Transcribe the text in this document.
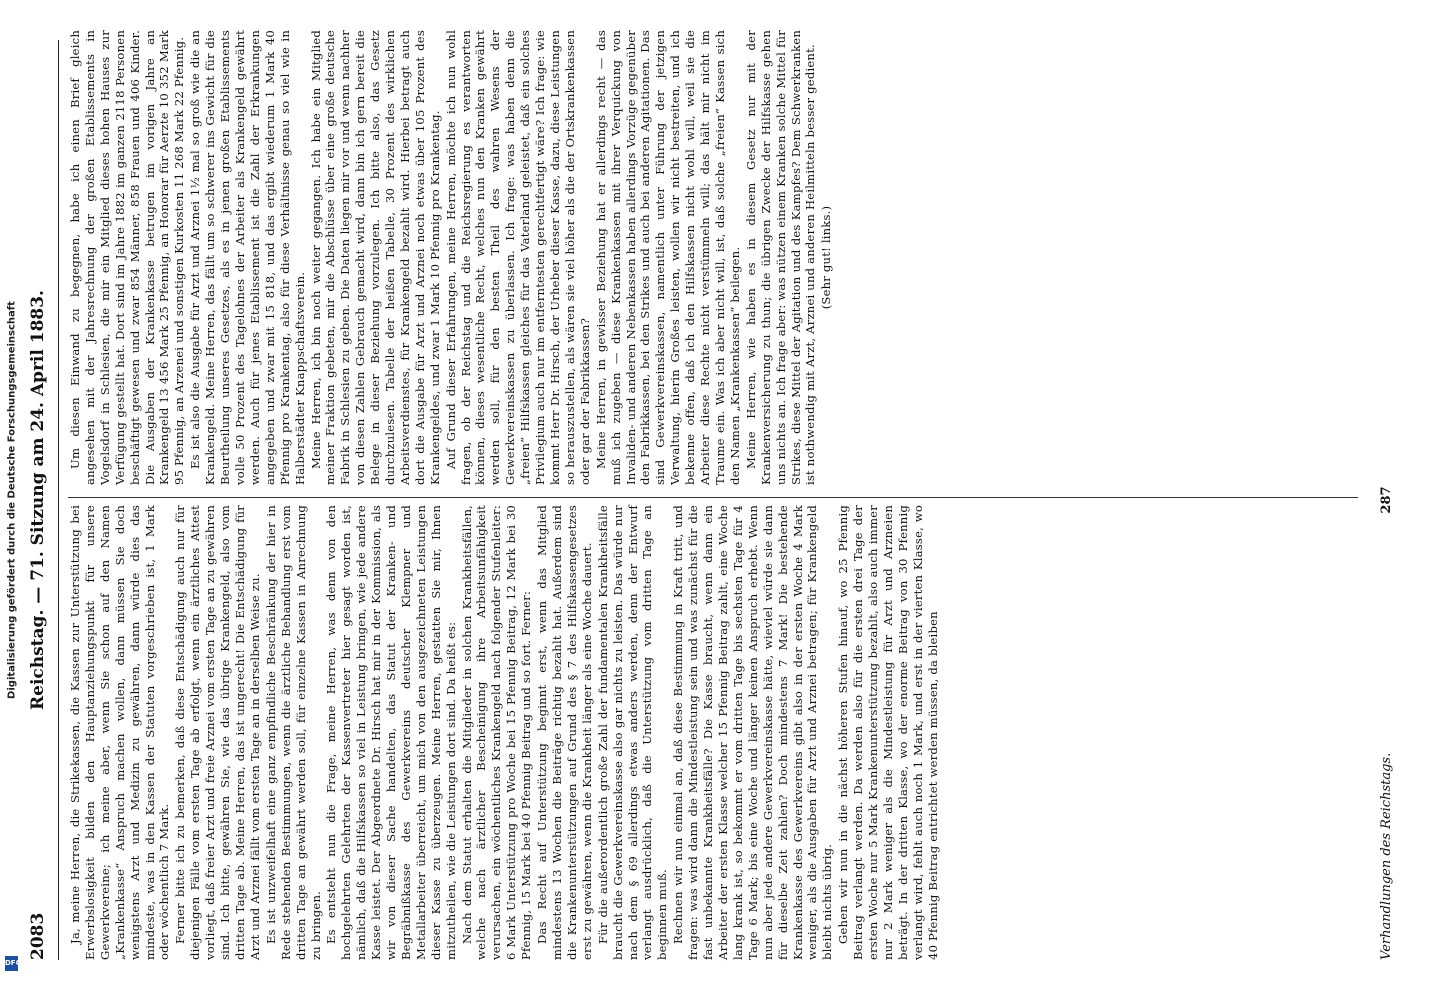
2083
Reichstag. — 71. Sitzung am 24. April 1883.

Ja, meine Herren, die Strikekassen, die Kassen zur Unterstützung bei Erwerbslosigkeit bilden den Hauptanziehungspunkt für unsere Gewerkvereine; ich meine aber, wenn Sie schon auf den Namen „Krankenkasse“ Anspruch machen wollen, dann müssen Sie doch wenigstens Arzt und Medizin zu gewähren, dann würde dies das mindeste, was in den Kassen der Statuten vorgeschrieben ist, 1 Mark oder wöchentlich 7 Mark. Ferner bitte ich zu bemerken, daß diese Entschädigung auch nur für diejenigen Fälle vom ersten Tage ab erfolgt, wenn ein ärztliches Attest vorliegt, daß freier Arzt und freie Arznei vom ersten Tage an zu gewähren sind. Ich bitte, gewähren Sie, wie das übrige Krankengeld, also vom dritten Tage ab. Meine Herren, das ist ungerecht! Die Entschädigung für Arzt und Arznei fällt vom ersten Tage an in derselben Weise zu. Es ist unzweifelhaft eine ganz empfindliche Beschränkung der hier in Rede stehenden Bestimmungen, wenn die ärztliche Behandlung erst vom dritten Tage an gewährt werden soll, für einzelne Kassen in Anrechnung zu bringen. Es entsteht nun die Frage, meine Herren, was denn von den hochgelehrten Gelehrten der Kassenvertreter hier gesagt worden ist, nämlich, daß die Hilfskassen so viel in Leistung bringen, wie jede andere Kasse leistet. Der Abgeordnete Dr. Hirsch hat mir in der Kommission, als wir von dieser Sache handelten, das Statut der Kranken- und Begräbnißkasse des Gewerkvereins deutscher Klempner und Metallarbeiter überreicht, um mich von den ausgezeichneten Leistungen dieser Kasse zu überzeugen. Meine Herren, gestatten Sie mir, Ihnen mitzutheilen, wie die Leistungen dort sind. Da heißt es: Nach dem Statut erhalten die Mitglieder in solchen Krankheitsfällen, welche nach ärztlicher Bescheinigung ihre Arbeitsunfähigkeit verursachen, ein wöchentliches Krankengeld nach folgender Stufenleiter: 6 Mark Unterstützung pro Woche bei 15 Pfennig Beitrag, 12 Mark bei 30 Pfennig, 15 Mark bei 40 Pfennig Beitrag und so fort. Ferner: Das Recht auf Unterstützung beginnt erst, wenn das Mitglied mindestens 13 Wochen die Beiträge richtig bezahlt hat. Außerdem sind die Krankenunterstützungen auf Grund des § 7 des Hilfskassengesetzes erst zu gewähren, wenn die Krankheit länger als eine Woche dauert. Für die außerordentlich große Zahl der fundamentalen Krankheitsfälle braucht die Gewerkvereinskasse also gar nichts zu leisten. Das würde nur nach dem § 69 allerdings etwas anders werden, denn der Entwurf verlangt ausdrücklich, daß die Unterstützung vom dritten Tage an beginnen muß. Rechnen wir nun einmal an, daß diese Bestimmung in Kraft tritt, und fragen: was wird dann die Mindestleistung sein und was zunächst für die fast unbekannte Krankheitsfälle? Die Kasse braucht, wenn dann ein Arbeiter der ersten Klasse welcher 15 Pfennig Beitrag zahlt, eine Woche lang krank ist, so bekommt er vom dritten Tage bis sechsten Tage für 4 Tage 6 Mark; bis eine Woche und länger keinen Anspruch erhebt. Wenn nun aber jede andere Gewerkvereinskasse hätte, wieviel würde sie dann für dieselbe Zeit zahlen? Doch mindestens 7 Mark! Die bestehende Krankenkasse des Gewerkvereins gibt also in der ersten Woche 4 Mark weniger, als die Ausgaben für Arzt und Arznei betragen; für Krankengeld bleibt nichts übrig. Gehen wir nun in die nächst höheren Stufen hinauf, wo 25 Pfennig Beitrag verlangt werden. Da werden also für die ersten drei Tage der ersten Woche nur 5 Mark Krankenunterstützung bezahlt, also auch immer nur 2 Mark weniger als die Mindestleistung für Arzt und Arzneien beträgt. In der dritten Klasse, wo der enorme Beitrag von 30 Pfennig verlangt wird, fehlt auch noch 1 Mark, und erst in der vierten Klasse, wo 40 Pfennig Beitrag entrichtet werden müssen, da bleiben

Um diesen Einwand zu begegnen, habe ich einen Brief gleich angesehen mit der Jahresrechnung der großen Etablissements in Vogelsdorf in Schlesien, die mir ein Mitglied dieses hohen Hauses zur Verfügung gestellt hat. Dort sind im Jahre 1882 im ganzen 2118 Personen beschäftigt gewesen und zwar 854 Männer, 858 Frauen und 406 Kinder. Die Ausgaben der Krankenkasse betrugen im vorigen Jahre an Krankengeld 13 456 Mark 25 Pfennig, an Honorar für Aerzte 10 352 Mark 95 Pfennig, an Arzenei und sonstigen Kurkosten 11 268 Mark 22 Pfennig. Es ist also die Ausgabe für Arzt und Arznei 1½ mal so groß wie die an Krankengeld. Meine Herren, das fällt um so schwerer ins Gewicht für die Beurtheilung unseres Gesetzes, als es in jenen großen Etablissements volle 50 Prozent des Tagelohnes der Arbeiter als Krankengeld gewährt werden. Auch für jenes Etablissement ist die Zahl der Erkrankungen angegeben und zwar mit 15 818, und das ergibt wiederum 1 Mark 40 Pfennig pro Krankentag, also für diese Verhältnisse genau so viel wie in Halberstädter Knappschaftsverein. Meine Herren, ich bin noch weiter gegangen. Ich habe ein Mitglied meiner Fraktion gebeten, mir die Abschlüsse über eine große deutsche Fabrik in Schlesien zu geben. Die Daten liegen mir vor und wenn nachher von diesen Zahlen Gebrauch gemacht wird, dann bin ich gern bereit die Belege in dieser Beziehung vorzulegen. Ich bitte also, das Gesetz durchzulesen. Tabelle der heißen Tabelle, 30 Prozent des wirklichen Arbeitsverdienstes, für Krankengeld bezahlt wird. Hierbei betragt auch dort die Ausgabe für Arzt und Arznei noch etwas über 105 Prozent des Krankengeldes, und zwar 1 Mark 10 Pfennig pro Krankentag. Auf Grund dieser Erfahrungen, meine Herren, möchte ich nun wohl fragen, ob der Reichstag und die Reichsregierung es verantworten können, dieses wesentliche Recht, welches nun den Kranken gewährt werden soll, für den besten Theil des wahren Wesens der Gewerkvereinskassen zu überlassen. Ich frage: was haben denn die „freien“ Hilfskassen gleiches für das Vaterland geleistet, daß ein solches Privilegium auch nur im entferntesten gerechtfertigt wäre? Ich frage: wie kommt Herr Dr. Hirsch, der Urheber dieser Kasse, dazu, diese Leistungen so herauszustellen, als wären sie viel höher als die der Ortskrankenkassen oder gar der Fabrikkassen? Meine Herren, in gewisser Beziehung hat er allerdings recht — das muß ich zugeben — diese Krankenkassen mit ihrer Verquickung von Invaliden- und anderen Nebenkassen haben allerdings Vorzüge gegenüber den Fabrikkassen, bei den Strikes und auch bei anderen Agitationen. Das sind Gewerkvereinskassen, namentlich unter Führung der jetzigen Verwaltung, hierin Großes leisten, wollen wir nicht bestreiten, und ich bekenne offen, daß ich den Hilfskassen nicht wohl will, weil sie die Arbeiter diese Rechte nicht verstümmeln will; das hält mir nicht im Traume ein. Was ich aber nicht will, ist, daß solche „freien“ Kassen sich den Namen „Krankenkassen“ beilegen. Meine Herren, wie haben es in diesem Gesetz nur mit der Krankenversicherung zu thun; die übrigen Zwecke der Hilfskasse gehen uns nichts an. Ich frage aber: was nützen einem Kranken solche Mittel für Strikes, diese Mittel der Agitation und des Kampfes? Dem Schwerkranken ist nothwendig mit Arzt, Arznei und anderen Heilmitteln besser gedient. (Sehr gut! links.)

Verhandlungen des Reichstags.
287
Digitalisierung gefördert durch die Deutsche Forschungsgemeinschaft
DFG
